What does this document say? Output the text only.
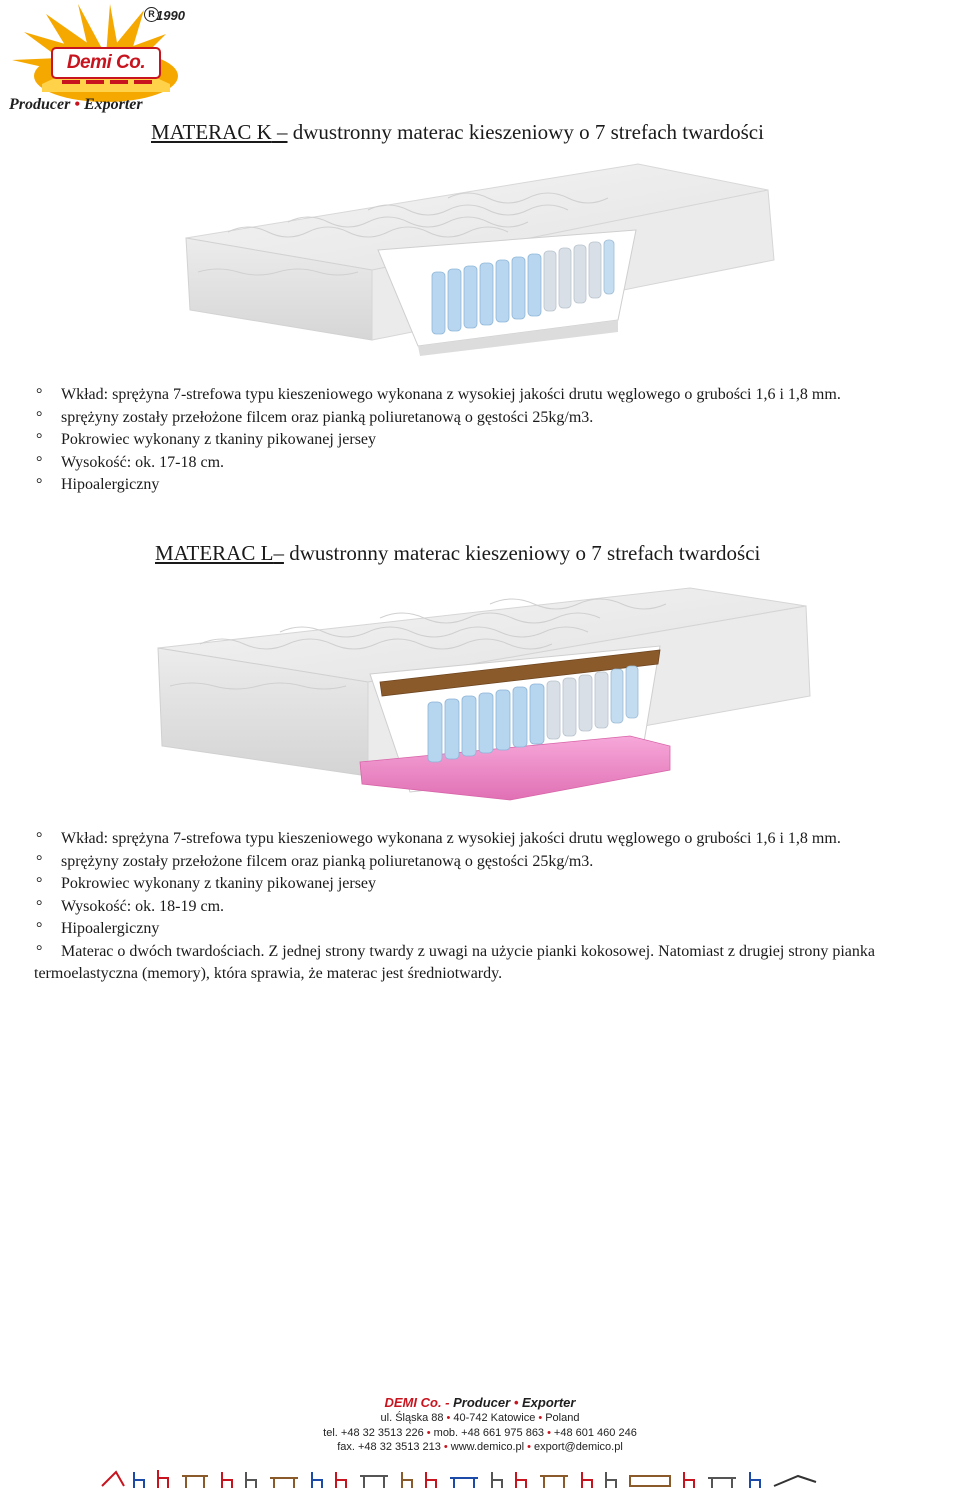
Demi Co.
R 1990
Producer • Exporter
MATERAC K – dwustronny materac kieszeniowy o 7 strefach twardości
° Wkład: sprężyna 7-strefowa typu kieszeniowego wykonana z wysokiej jakości drutu węglowego o grubości 1,6 i 1,8 mm.
° sprężyny zostały przełożone filcem oraz pianką poliuretanową o gęstości 25kg/m3.
° Pokrowiec wykonany z tkaniny pikowanej jersey
° Wysokość: ok. 17-18 cm.
° Hipoalergiczny
MATERAC L– dwustronny materac kieszeniowy o 7 strefach twardości
° Wkład: sprężyna 7-strefowa typu kieszeniowego wykonana z wysokiej jakości drutu węglowego o grubości 1,6 i 1,8 mm.
° sprężyny zostały przełożone filcem oraz pianką poliuretanową o gęstości 25kg/m3.
° Pokrowiec wykonany z tkaniny pikowanej jersey
° Wysokość: ok. 18-19 cm.
° Hipoalergiczny
° Materac o dwóch twardościach. Z jednej strony twardy z uwagi na użycie pianki kokosowej. Natomiast z drugiej strony pianka termoelastyczna (memory), która sprawia, że materac jest średniotwardy.
DEMI Co. - Producer • Exporter
ul. Śląska 88 • 40-742 Katowice • Poland
tel. +48 32 3513 226 • mob. +48 661 975 863 • +48 601 460 246
fax. +48 32 3513 213 • www.demico.pl • export@demico.pl
